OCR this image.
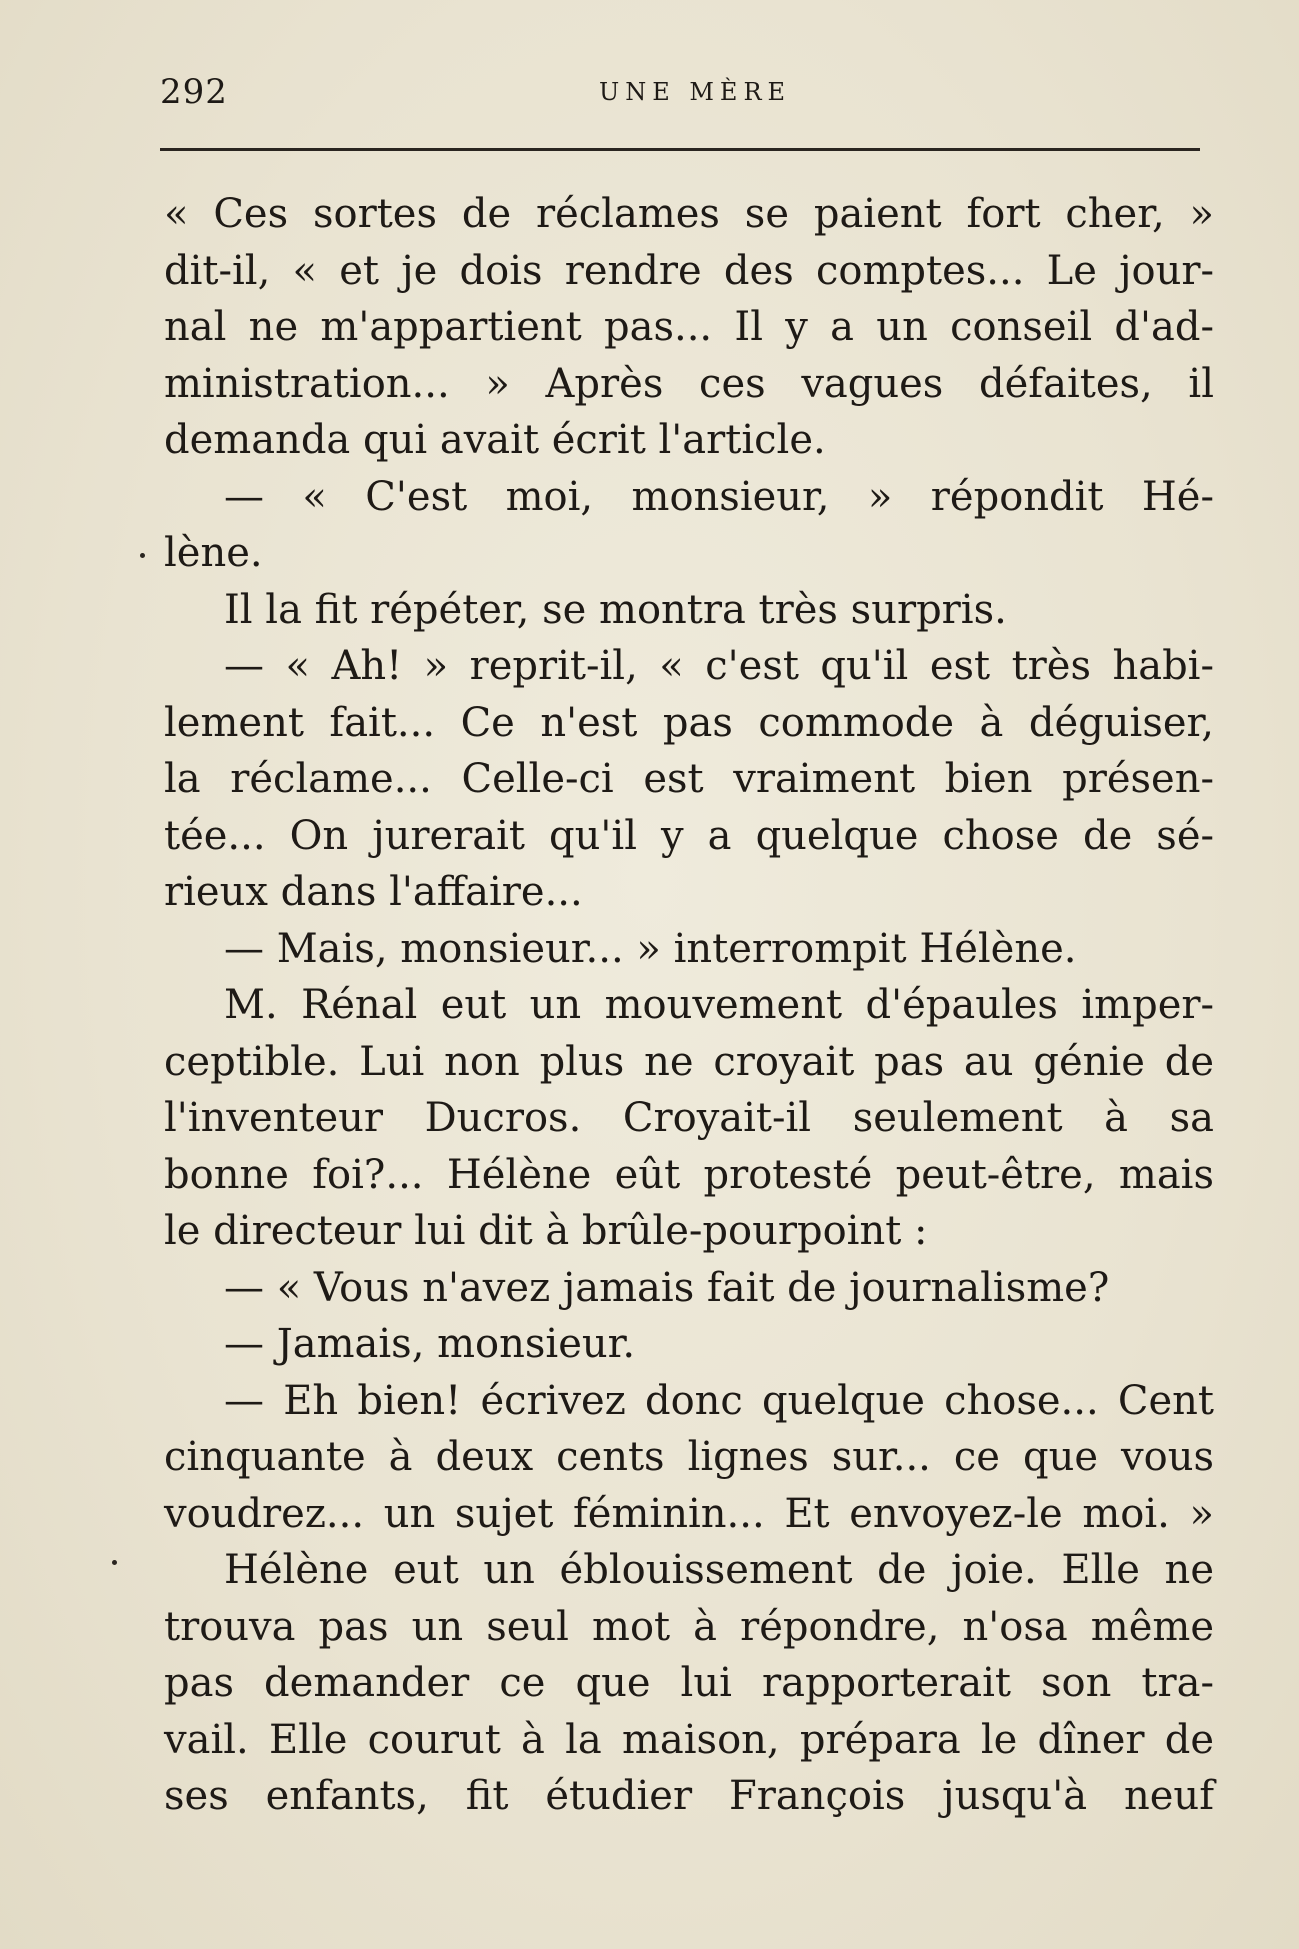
292	UNE MÈRE
« Ces sortes de réclames se paient fort cher, »
dit-il, « et je dois rendre des comptes... Le jour-
nal ne m'appartient pas... Il y a un conseil d'ad-
ministration... » Après ces vagues défaites, il
demanda qui avait écrit l'article.
— « C'est moi, monsieur, » répondit Hé-
lène.
Il la fit répéter, se montra très surpris.
— « Ah! » reprit-il, « c'est qu'il est très habi-
lement fait... Ce n'est pas commode à déguiser,
la réclame... Celle-ci est vraiment bien présen-
tée... On jurerait qu'il y a quelque chose de sé-
rieux dans l'affaire...
— Mais, monsieur... » interrompit Hélène.
M. Rénal eut un mouvement d'épaules imper-
ceptible. Lui non plus ne croyait pas au génie de
l'inventeur Ducros. Croyait-il seulement à sa
bonne foi?... Hélène eût protesté peut-être, mais
le directeur lui dit à brûle-pourpoint :
— « Vous n'avez jamais fait de journalisme?
— Jamais, monsieur.
— Eh bien! écrivez donc quelque chose... Cent
cinquante à deux cents lignes sur... ce que vous
voudrez... un sujet féminin... Et envoyez-le moi. »
Hélène eut un éblouissement de joie. Elle ne
trouva pas un seul mot à répondre, n'osa même
pas demander ce que lui rapporterait son tra-
vail. Elle courut à la maison, prépara le dîner de
ses enfants, fit étudier François jusqu'à neuf
